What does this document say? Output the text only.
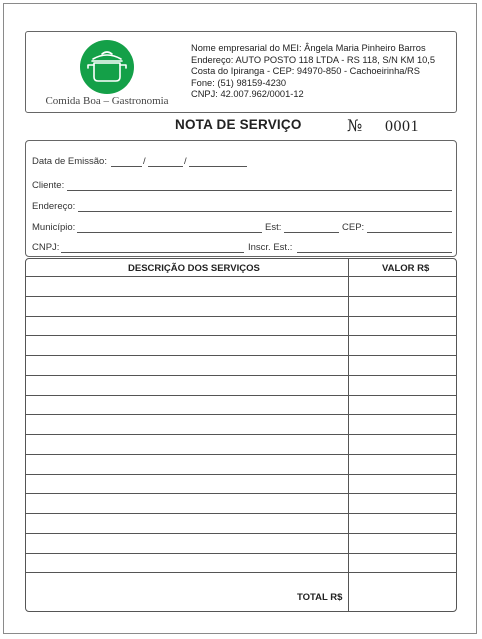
Comida Boa – Gastronomia
Nome empresarial do MEI: Ângela Maria Pinheiro Barros
Endereço: AUTO POSTO 118 LTDA - RS 118, S/N KM 10,5
Costa do Ipiranga - CEP: 94970-850 - Cachoeirinha/RS
Fone: (51) 98159-4230
CNPJ: 42.007.962/0001-12
NOTA DE SERVIÇO	№ 0001
Data de Emissão:	/	/
Cliente:
Endereço:
Município:	Est:	CEP:
CNPJ:	Inscr. Est.:
DESCRIÇÃO DOS SERVIÇOS	VALOR R$
TOTAL R$
